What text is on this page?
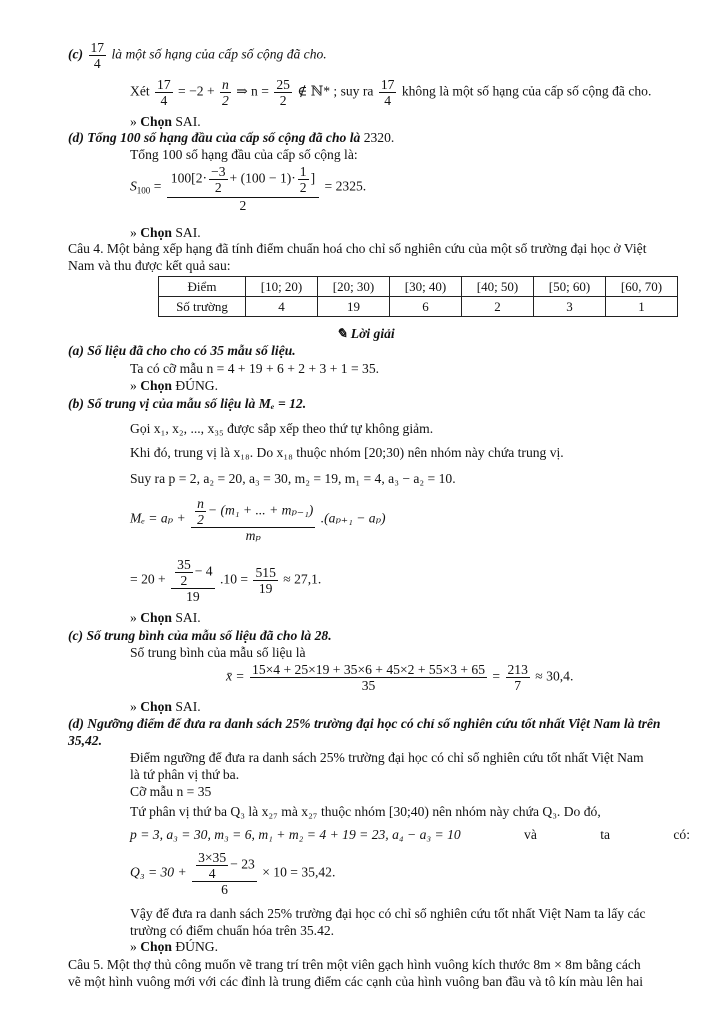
$(c) \frac{17}{4}$ là một số hạng của cấp số cộng đã cho.
Xét $\frac{17}{4} = -2 + \frac{n}{2}$ ⇒ $n = \frac{25}{2}$ ∉ ℕ* ; suy ra $\frac{17}{4}$ không là một số hạng của cấp số cộng đã cho.
» Chọn SAI.
(d) Tổng 100 số hạng đầu của cấp số cộng đã cho là 2320.
Tổng 100 số hạng đầu của cấp số cộng là:
$S_{100} = \frac{100[2\cdot \frac{-3}{2} + (100 - 1)\cdot \frac{1}{2} ]}{2} = 2325$.
» Chọn SAI.
Câu 4. Một bảng xếp hạng đã tính điểm chuẩn hoá cho chỉ số nghiên cứu của một số trường đại học ở Việt
Nam và thu được kết quả sau:
Điểm	[10; 20)	[20; 30)	[30; 40)	[40; 50)	[50; 60)	[60, 70)
Số trường	4	19	6	2	3	1
✎ Lời giải
(a) Số liệu đã cho cho có 35 mẫu số liệu.
Ta có cỡ mẫu n = 4 + 19 + 6 + 2 + 3 + 1 = 35.
» Chọn ĐÚNG.
(b) Số trung vị của mẫu số liệu là Mₑ = 12.
Gọi x₁, x₂, ..., x₃₅ được sắp xếp theo thứ tự không giảm.
Khi đó, trung vị là x₁₈. Do x₁₈ thuộc nhóm [20;30) nên nhóm này chứa trung vị.
Suy ra p = 2, a₂ = 20, a₃ = 30, m₂ = 19, m₁ = 4, a₃ − a₂ = 10.
$M_e = a_p + \frac{\frac{n}{2} - (m_1 + ... + m_{p-1})}{\text{mₚ}} .(a_{p+1} - a_p)$
= $20 + \frac{\frac{35}{2} - 4}{19} .10 = \frac{515}{19} \approx 27,1$.
» Chọn SAI.
(c) Số trung bình của mẫu số liệu đã cho là 28.
Số trung bình của mẫu số liệu là
x̄ = $\frac{15\times 4 + 25\times 19 + 35\times 6 + 45\times 2 + 55\times 3 + 65}{35} = \frac{213}{7} \approx 30,4$.
» Chọn SAI.
(d) Ngưỡng điểm để đưa ra danh sách 25% trường đại học có chỉ số nghiên cứu tốt nhất Việt Nam là trên
35,42.
Điểm ngưỡng để đưa ra danh sách 25% trường đại học có chỉ số nghiên cứu tốt nhất Việt Nam
là tứ phân vị thứ ba.
Cỡ mẫu n = 35
Tứ phân vị thứ ba Q₃ là x₂₇ mà x₂₇ thuộc nhóm [30;40) nên nhóm này chứa Q₃. Do đó,
p = 3, a₃ = 30, m₃ = 6, m₁ + m₂ = 4 + 19 = 23, a₄ − a₃ = 10	và	ta	có:
$Q_3 = 30 + \frac{\frac{3\times 35}{4} - 23}{6} \times 10 = 35,42$.
Vậy để đưa ra danh sách 25% trường đại học có chỉ số nghiên cứu tốt nhất Việt Nam ta lấy các
trường có điểm chuẩn hóa trên 35.42.
» Chọn ĐÚNG.
Câu 5. Một thợ thủ công muốn vẽ trang trí trên một viên gạch hình vuông kích thước 8m × 8m bằng cách
vẽ một hình vuông mới với các đỉnh là trung điểm các cạnh của hình vuông ban đầu và tô kín màu lên hai
